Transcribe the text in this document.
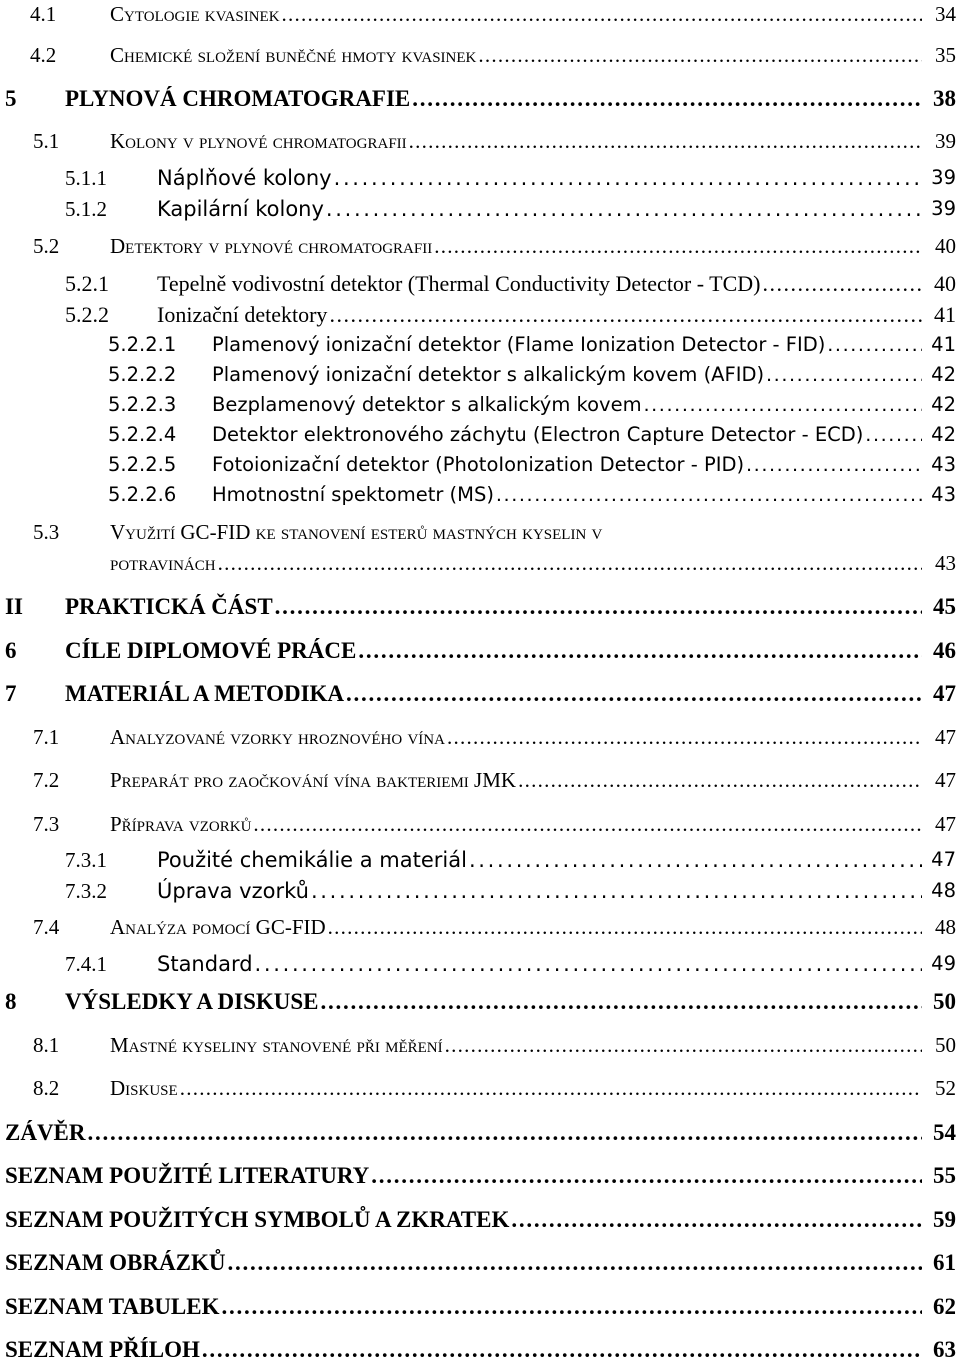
4.1	Cytologie kvasinek . . .	34
4.2	Chemické složení buněčné hmoty kvasinek . . .	35
5 PLYNOVÁ CHROMATOGRAFIE . . .	38
5.1 Kolony v plynové chromatografii . . .	39
5.1.1 Náplňové kolony . . .	39
5.1.2 Kapilární kolony . . .	39
5.2 Detektory v plynové chromatografii . . .	40
5.2.1 Tepelně vodivostní detektor (Thermal Conductivity Detector - TCD) . . .	40
5.2.2 Ionizační detektory . . .	41
5.2.2.1 Plamenový ionizační detektor (Flame Ionization Detector - FID) . . .	41
5.2.2.2 Plamenový ionizační detektor s alkalickým kovem (AFID) . . .	42
5.2.2.3 Bezplamenový detektor s alkalickým kovem . . .	42
5.2.2.4 Detektor elektronového záchytu (Electron Capture Detector - ECD) . . .	42
5.2.2.5 Fotoionizační detektor (PhotoIonization Detector - PID) . . .	43
5.2.2.6 Hmotnostní spektometr (MS) . . .	43
5.3 Využití GC-FID ke stanovení esterů mastných kyselin v
potravinách . . .	43
II PRAKTICKÁ ČÁST . . .	45
6 CÍLE DIPLOMOVÉ PRÁCE . . .	46
7 MATERIÁL A METODIKA . . .	47
7.1 Analyzované vzorky hroznového vína . . .	47
7.2 Preparát pro zaočkování vína bakteriemi JMK . . .	47
7.3 Příprava vzorků . . .	47
7.3.1 Použité chemikálie a materiál . . .	47
7.3.2 Úprava vzorků . . .	48
7.4 Analýza pomocí GC-FID . . .	48
7.4.1 Standard . . .	49
8 VÝSLEDKY A DISKUSE . . .	50
8.1 Mastné kyseliny stanovené při měření . . .	50
8.2 Diskuse . . .	52
ZÁVĚR . . .	54
SEZNAM POUŽITÉ LITERATURY . . .	55
SEZNAM POUŽITÝCH SYMBOLŮ A ZKRATEK . . .	59
SEZNAM OBRÁZKŮ . . .	61
SEZNAM TABULEK . . .	62
SEZNAM PŘÍLOH . . .	63
